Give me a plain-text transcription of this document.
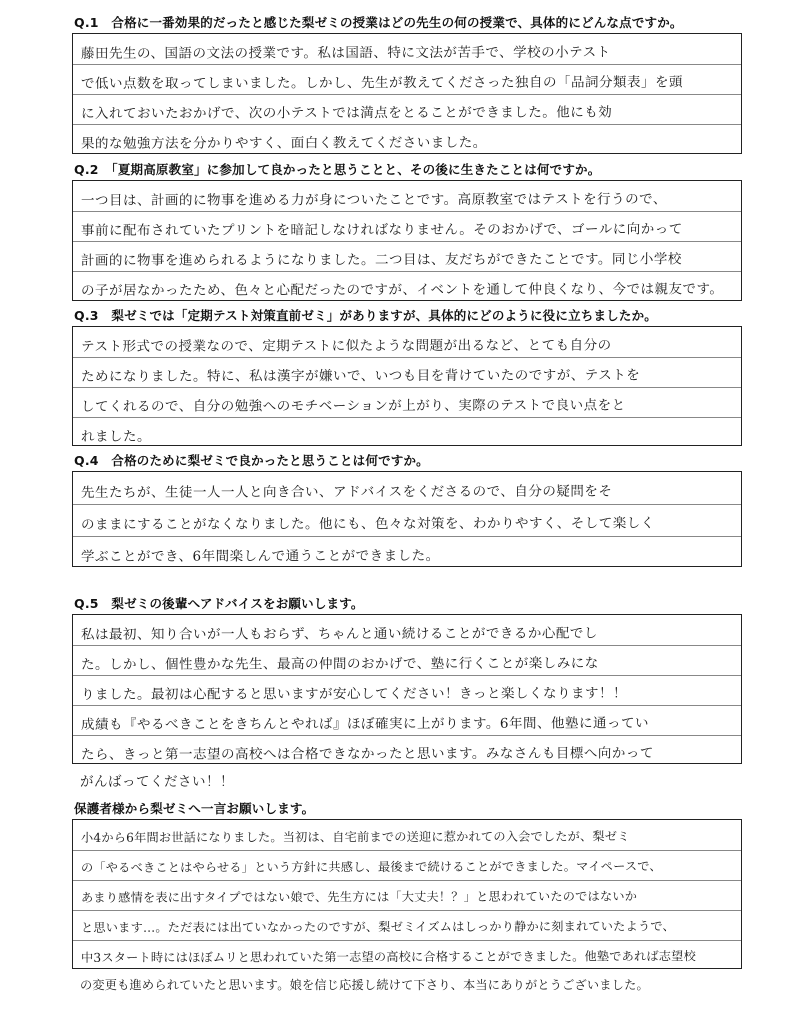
Q.1　合格に一番効果的だったと感じた梨ゼミの授業はどの先生の何の授業で、具体的にどんな点ですか。
藤田先生の、国語の文法の授業です。私は国語、特に文法が苦手で、学校の小テスト
で低い点数を取ってしまいました。しかし、先生が教えてくださった独自の「品詞分類表」を頭
に入れておいたおかげで、次の小テストでは満点をとることができました。他にも効
果的な勉強方法を分かりやすく、面白く教えてくださいました。
Q.2　「夏期高原教室」に参加して良かったと思うことと、その後に生きたことは何ですか。
一つ目は、計画的に物事を進める力が身についたことです。高原教室ではテストを行うので、
事前に配布されていたプリントを暗記しなければなりません。そのおかげで、ゴールに向かって
計画的に物事を進められるようになりました。二つ目は、友だちができたことです。同じ小学校
の子が居なかったため、色々と心配だったのですが、イベントを通して仲良くなり、今では親友です。
Q.3　梨ゼミでは「定期テスト対策直前ゼミ」がありますが、具体的にどのように役に立ちましたか。
テスト形式での授業なので、定期テストに似たような問題が出るなど、とても自分の
ためになりました。特に、私は漢字が嫌いで、いつも目を背けていたのですが、テストを
してくれるので、自分の勉強へのモチベーションが上がり、実際のテストで良い点をと
れました。
Q.4　合格のために梨ゼミで良かったと思うことは何ですか。
先生たちが、生徒一人一人と向き合い、アドバイスをくださるので、自分の疑問をそ
のままにすることがなくなりました。他にも、色々な対策を、わかりやすく、そして楽しく
学ぶことができ、6年間楽しんで通うことができました。
Q.5　梨ゼミの後輩へアドバイスをお願いします。
私は最初、知り合いが一人もおらず、ちゃんと通い続けることができるか心配でし
た。しかし、個性豊かな先生、最高の仲間のおかげで、塾に行くことが楽しみにな
りました。最初は心配すると思いますが安心してください！きっと楽しくなります！！
成績も『やるべきことをきちんとやれば』ほぼ確実に上がります。6年間、他塾に通ってい
たら、きっと第一志望の高校へは合格できなかったと思います。みなさんも目標へ向かって
がんばってください！！
保護者様から梨ゼミへ一言お願いします。
小4から6年間お世話になりました。当初は、自宅前までの送迎に惹かれての入会でしたが、梨ゼミ
の「やるべきことはやらせる」という方針に共感し、最後まで続けることができました。マイペースで、
あまり感情を表に出すタイプではない娘で、先生方には「大丈夫！？」と思われていたのではないか
と思います…。ただ表には出ていなかったのですが、梨ゼミイズムはしっかり静かに刻まれていたようで、
中3スタート時にはほぼムリと思われていた第一志望の高校に合格することができました。他塾であれば志望校
の変更も進められていたと思います。娘を信じ応援し続けて下さり、本当にありがとうございました。
